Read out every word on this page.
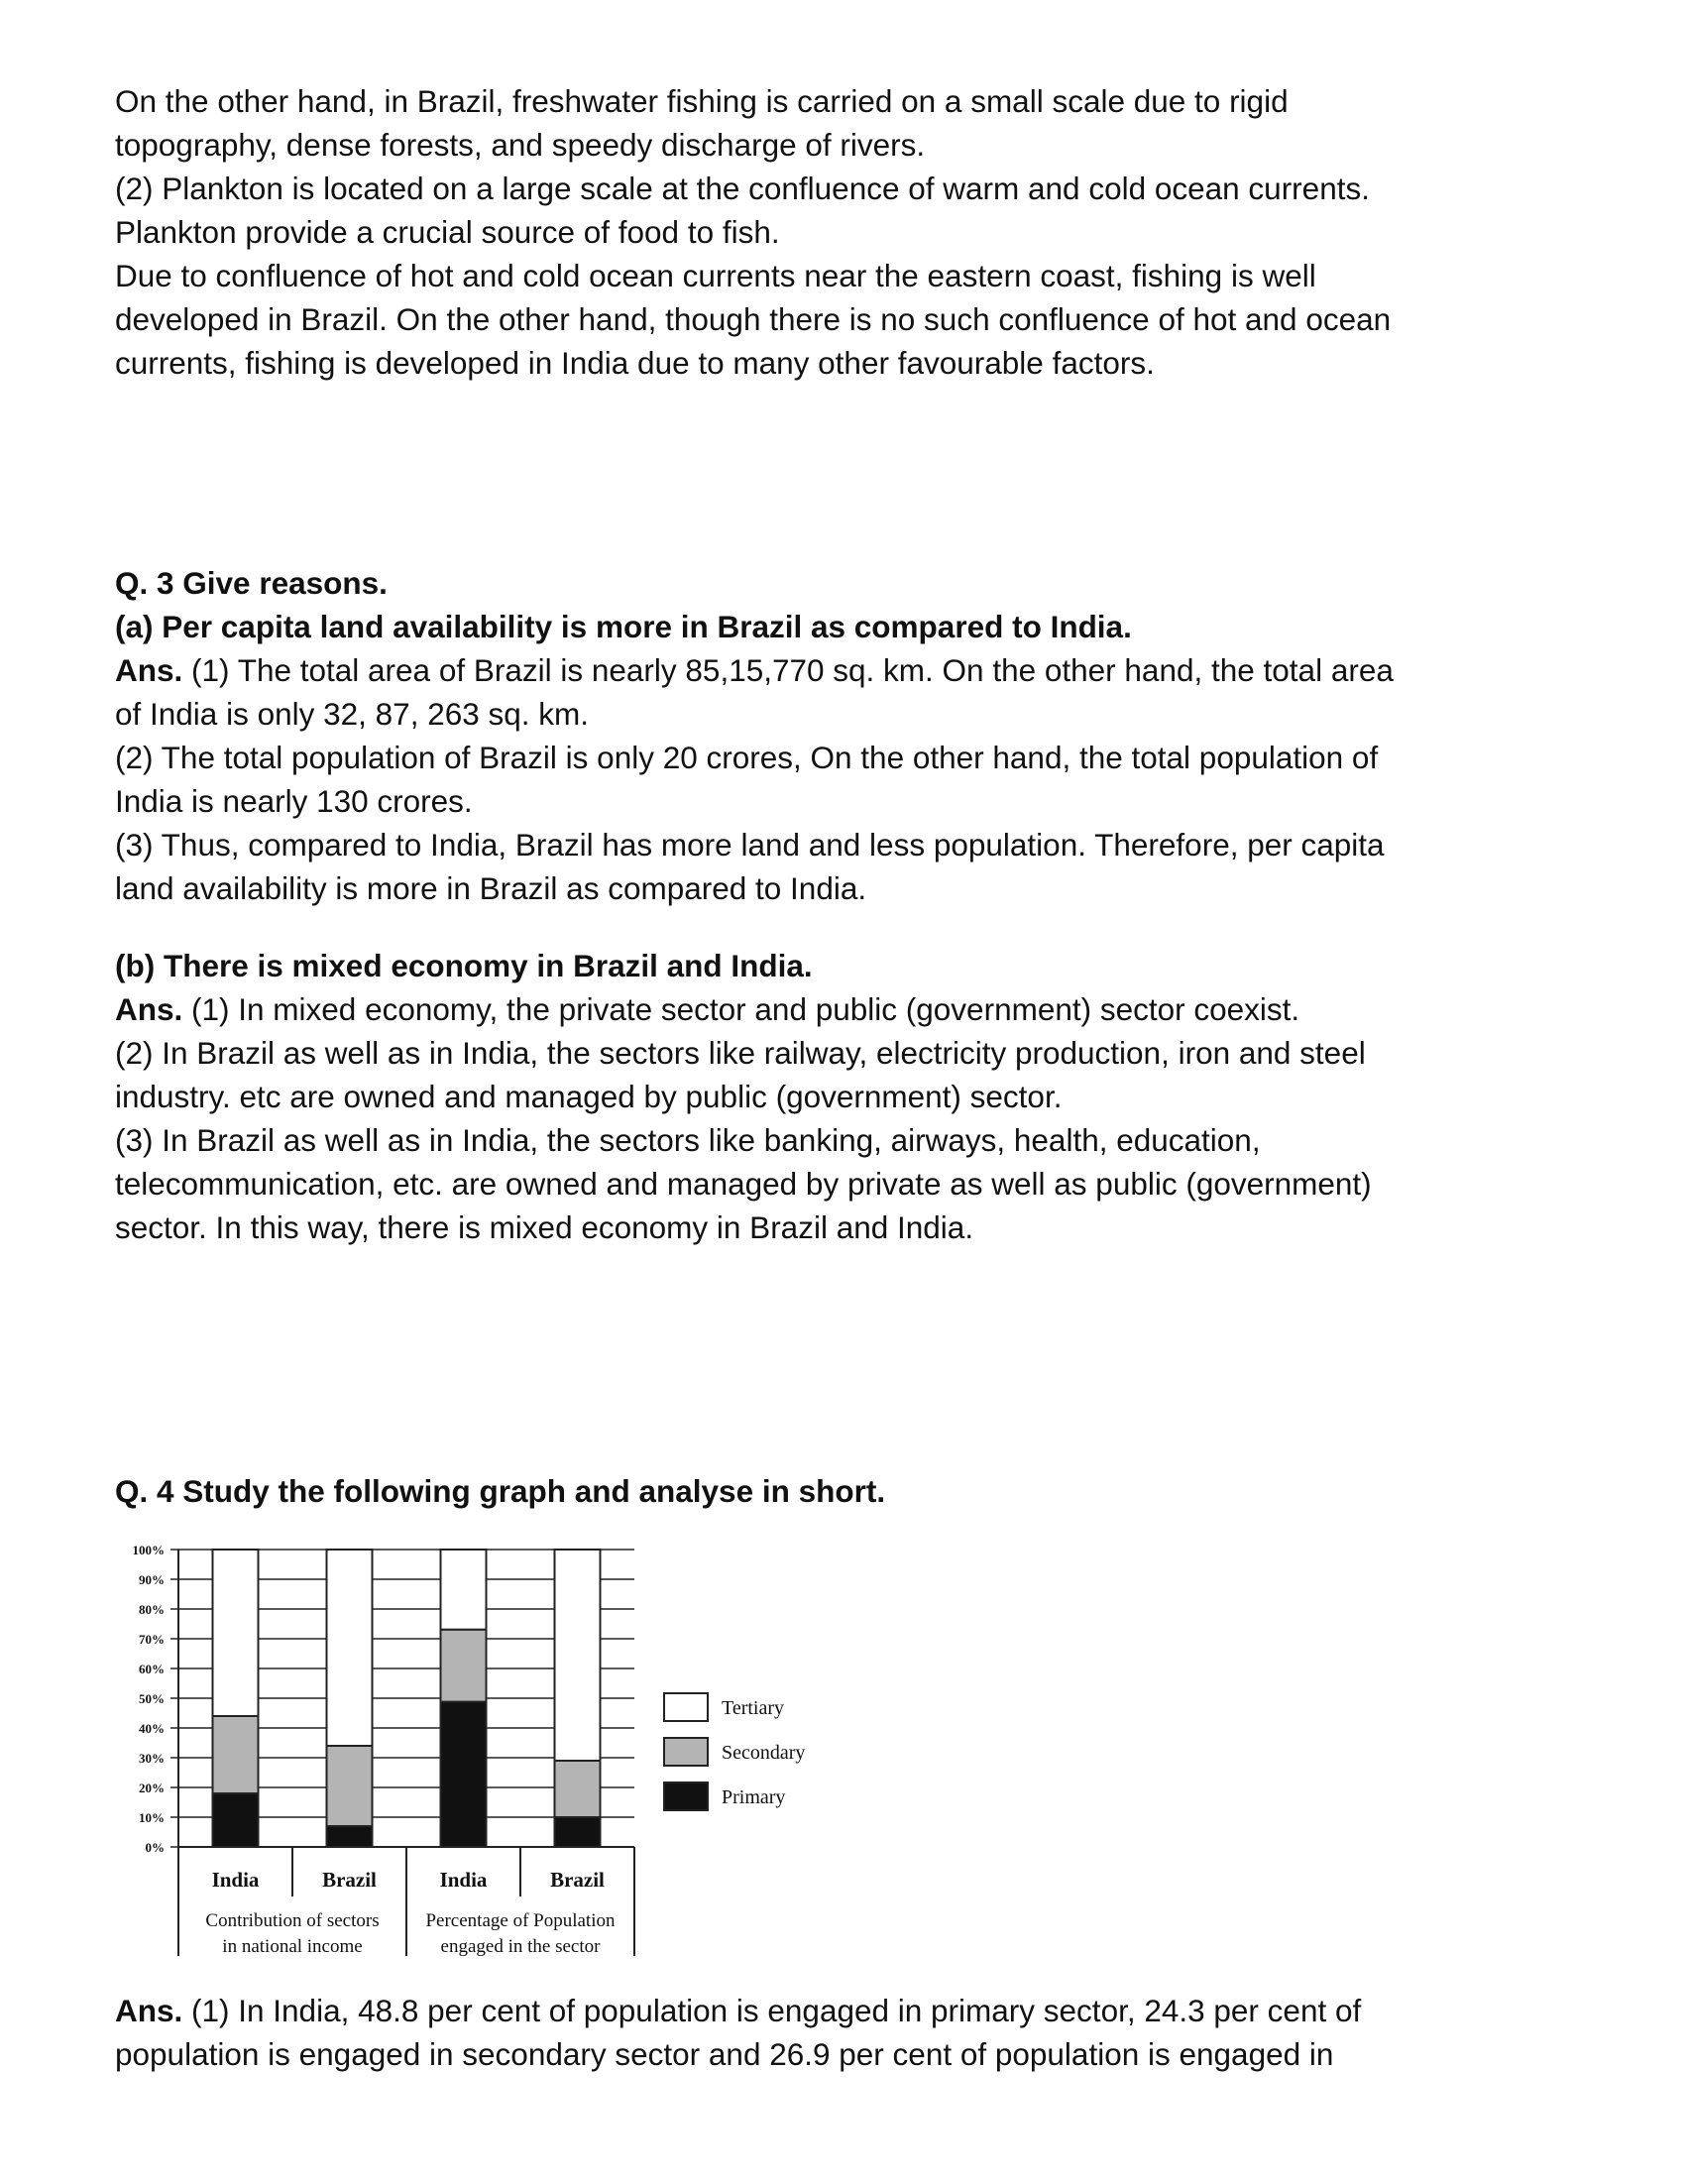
On the other hand, in Brazil, freshwater fishing is carried on a small scale due to rigid
topography, dense forests, and speedy discharge of rivers.
(2) Plankton is located on a large scale at the confluence of warm and cold ocean currents.
Plankton provide a crucial source of food to fish.
Due to confluence of hot and cold ocean currents near the eastern coast, fishing is well
developed in Brazil. On the other hand, though there is no such confluence of hot and ocean
currents, fishing is developed in India due to many other favourable factors.
Q. 3 Give reasons.
(a) Per capita land availability is more in Brazil as compared to India.
Ans. (1) The total area of Brazil is nearly 85,15,770 sq. km. On the other hand, the total area
of India is only 32, 87, 263 sq. km.
(2) The total population of Brazil is only 20 crores, On the other hand, the total population of
India is nearly 130 crores.
(3) Thus, compared to India, Brazil has more land and less population. Therefore, per capita
land availability is more in Brazil as compared to India.
(b) There is mixed economy in Brazil and India.
Ans. (1) In mixed economy, the private sector and public (government) sector coexist.
(2) In Brazil as well as in India, the sectors like railway, electricity production, iron and steel
industry. etc are owned and managed by public (government) sector.
(3) In Brazil as well as in India, the sectors like banking, airways, health, education,
telecommunication, etc. are owned and managed by private as well as public (government)
sector. In this way, there is mixed economy in Brazil and India.
Q. 4 Study the following graph and analyse in short.
0%
10%
20%
30%
40%
50%
60%
70%
80%
90%
100%
India	Brazil	India	Brazil
Contribution of sectors
in national income
Percentage of Population
engaged in the sector
Tertiary
Secondary
Primary
Ans. (1) In India, 48.8 per cent of population is engaged in primary sector, 24.3 per cent of
population is engaged in secondary sector and 26.9 per cent of population is engaged in
